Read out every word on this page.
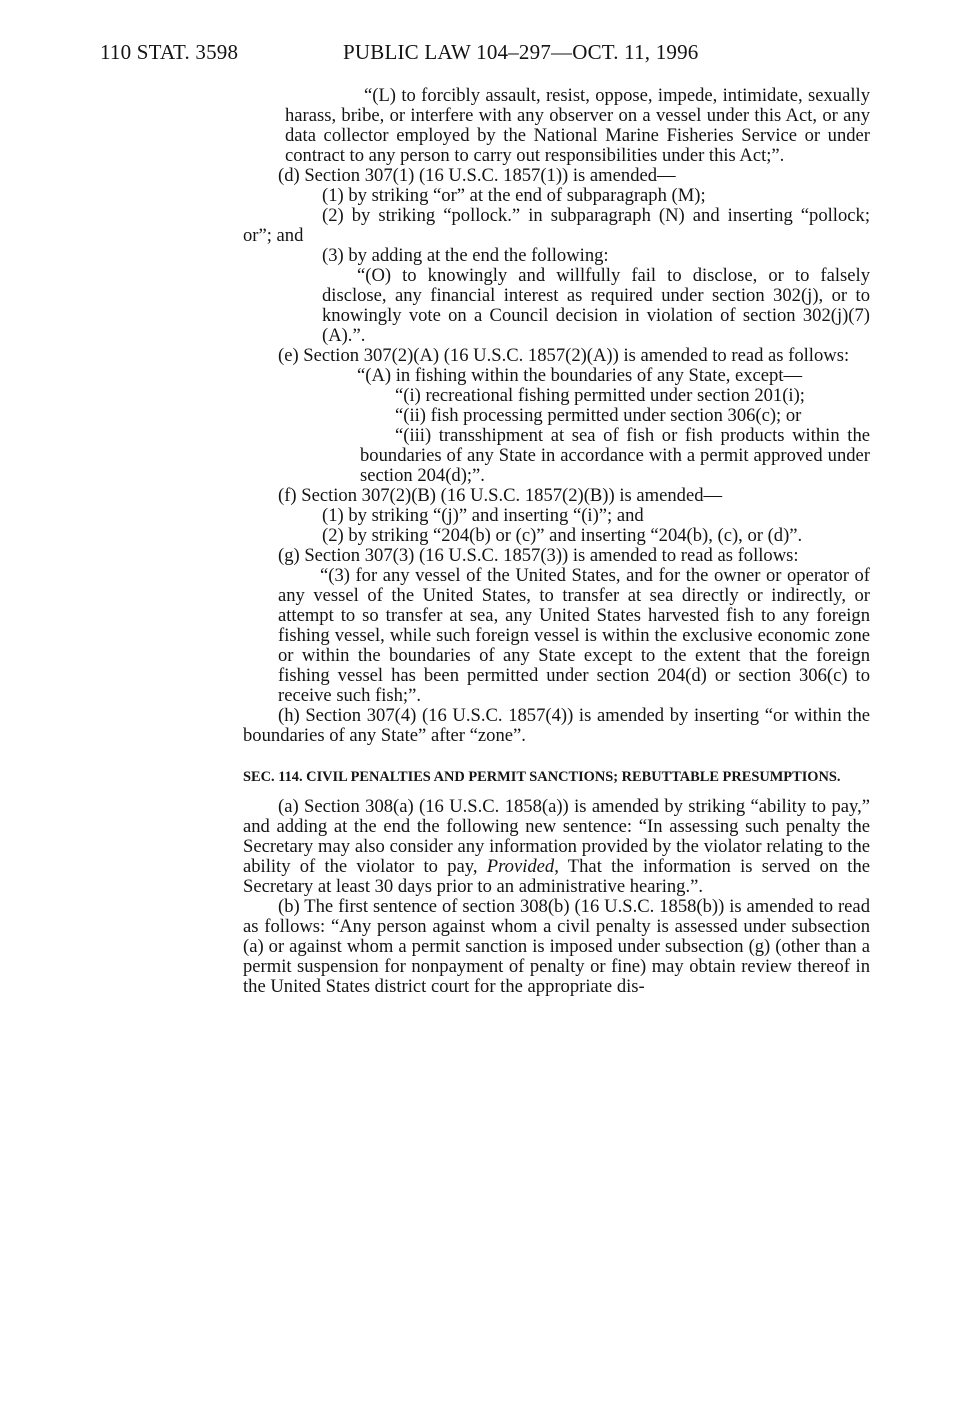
110 STAT. 3598	PUBLIC LAW 104–297—OCT. 11, 1996

“(L) to forcibly assault, resist, oppose, impede, intimidate, sexually harass, bribe, or interfere with any observer on a vessel under this Act, or any data collector employed by the National Marine Fisheries Service or under contract to any person to carry out responsibilities under this Act;”.

(d) Section 307(1) (16 U.S.C. 1857(1)) is amended—

(1) by striking “or” at the end of subparagraph (M);

(2) by striking “pollock.” in subparagraph (N) and inserting “pollock; or”; and

(3) by adding at the end the following:

“(O) to knowingly and willfully fail to disclose, or to falsely disclose, any financial interest as required under section 302(j), or to knowingly vote on a Council decision in violation of section 302(j)(7)(A).”.

(e) Section 307(2)(A) (16 U.S.C. 1857(2)(A)) is amended to read as follows:

“(A) in fishing within the boundaries of any State, except—

“(i) recreational fishing permitted under section 201(i);

“(ii) fish processing permitted under section 306(c); or

“(iii) transshipment at sea of fish or fish products within the boundaries of any State in accordance with a permit approved under section 204(d);”.

(f) Section 307(2)(B) (16 U.S.C. 1857(2)(B)) is amended—

(1) by striking “(j)” and inserting “(i)”; and

(2) by striking “204(b) or (c)” and inserting “204(b), (c), or (d)”.

(g) Section 307(3) (16 U.S.C. 1857(3)) is amended to read as follows:

“(3) for any vessel of the United States, and for the owner or operator of any vessel of the United States, to transfer at sea directly or indirectly, or attempt to so transfer at sea, any United States harvested fish to any foreign fishing vessel, while such foreign vessel is within the exclusive economic zone or within the boundaries of any State except to the extent that the foreign fishing vessel has been permitted under section 204(d) or section 306(c) to receive such fish;”.

(h) Section 307(4) (16 U.S.C. 1857(4)) is amended by inserting “or within the boundaries of any State” after “zone”.

SEC. 114. CIVIL PENALTIES AND PERMIT SANCTIONS; REBUTTABLE PRESUMPTIONS.

(a) Section 308(a) (16 U.S.C. 1858(a)) is amended by striking “ability to pay,” and adding at the end the following new sentence: “In assessing such penalty the Secretary may also consider any information provided by the violator relating to the ability of the violator to pay, Provided, That the information is served on the Secretary at least 30 days prior to an administrative hearing.”.

(b) The first sentence of section 308(b) (16 U.S.C. 1858(b)) is amended to read as follows: “Any person against whom a civil penalty is assessed under subsection (a) or against whom a permit sanction is imposed under subsection (g) (other than a permit suspension for nonpayment of penalty or fine) may obtain review thereof in the United States district court for the appropriate dis-
